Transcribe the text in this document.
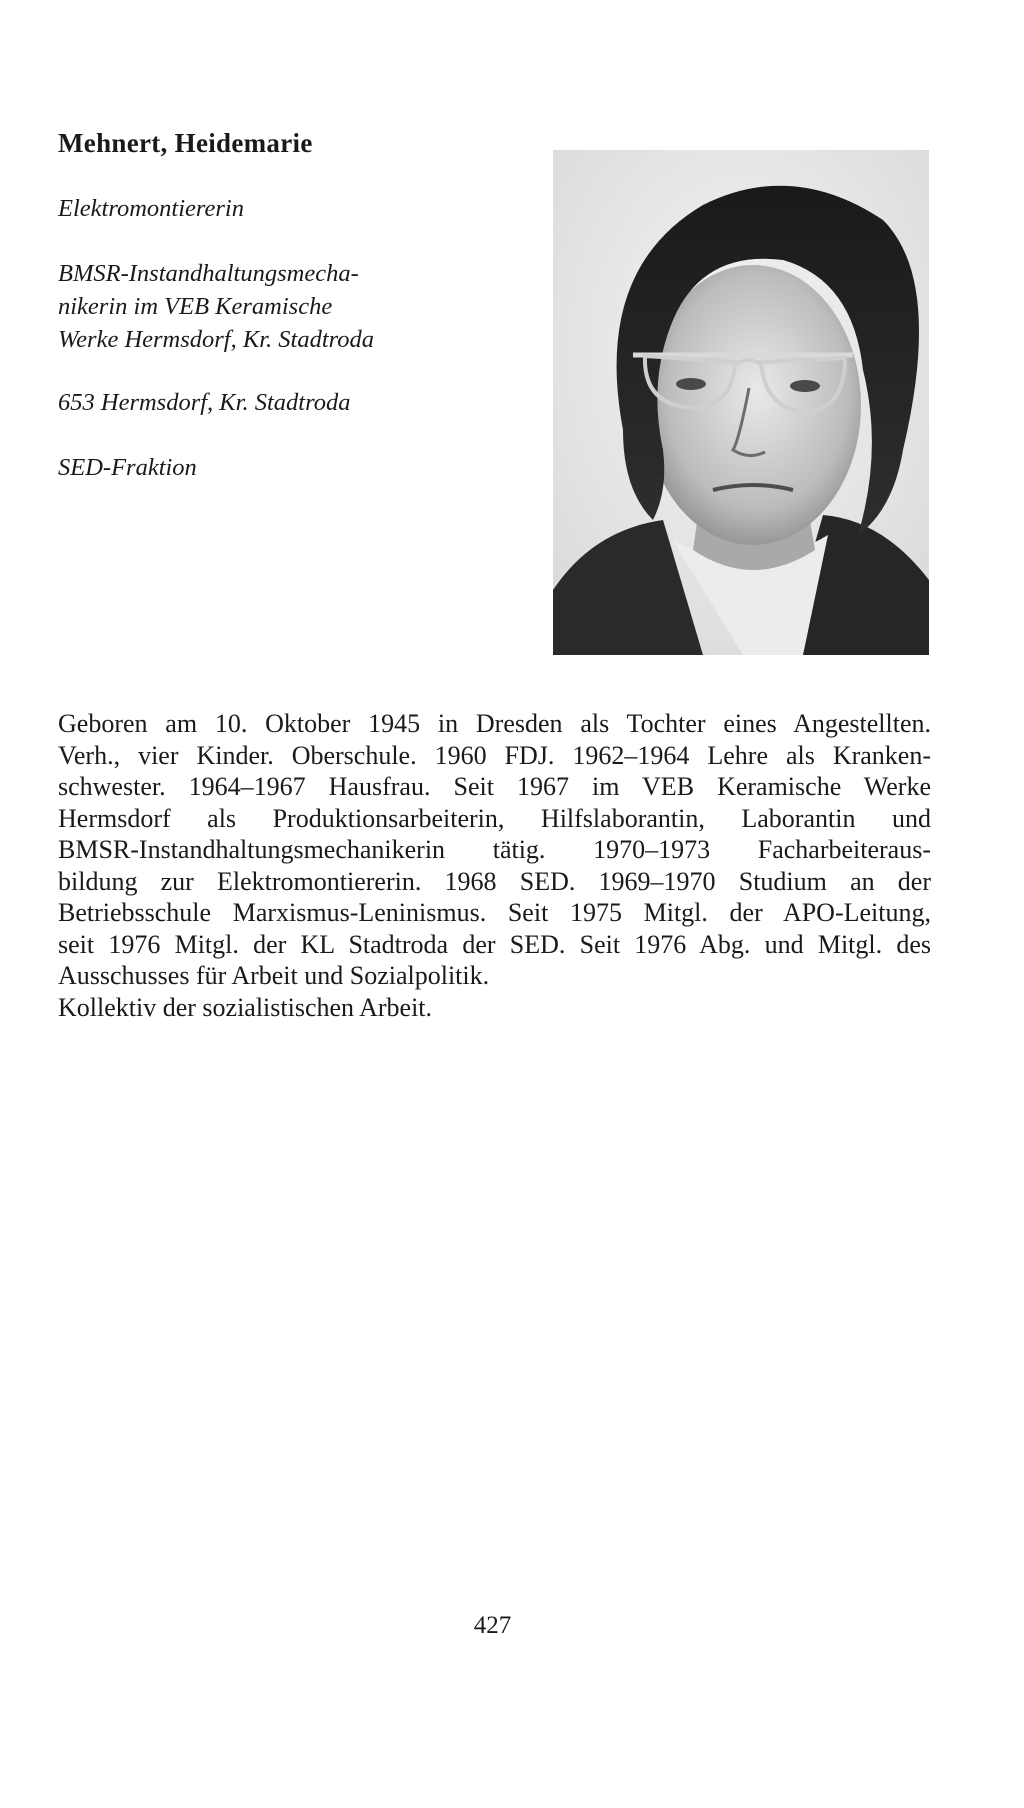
Mehnert, Heidemarie
Elektromontiererin
BMSR-Instandhaltungsmecha-
nikerin im VEB Keramische
Werke Hermsdorf, Kr. Stadtroda
653 Hermsdorf, Kr. Stadtroda
SED-Fraktion
Geboren am 10. Oktober 1945 in Dresden als Tochter eines Angestellten.
Verh., vier Kinder. Oberschule. 1960 FDJ. 1962–1964 Lehre als Kranken-
schwester. 1964–1967 Hausfrau. Seit 1967 im VEB Keramische Werke
Hermsdorf als Produktionsarbeiterin, Hilfslaborantin, Laborantin und
BMSR-Instandhaltungsmechanikerin tätig. 1970–1973 Facharbeiteraus-
bildung zur Elektromontiererin. 1968 SED. 1969–1970 Studium an der
Betriebsschule Marxismus-Leninismus. Seit 1975 Mitgl. der APO-Leitung,
seit 1976 Mitgl. der KL Stadtroda der SED. Seit 1976 Abg. und Mitgl. des
Ausschusses für Arbeit und Sozialpolitik.
Kollektiv der sozialistischen Arbeit.
427
